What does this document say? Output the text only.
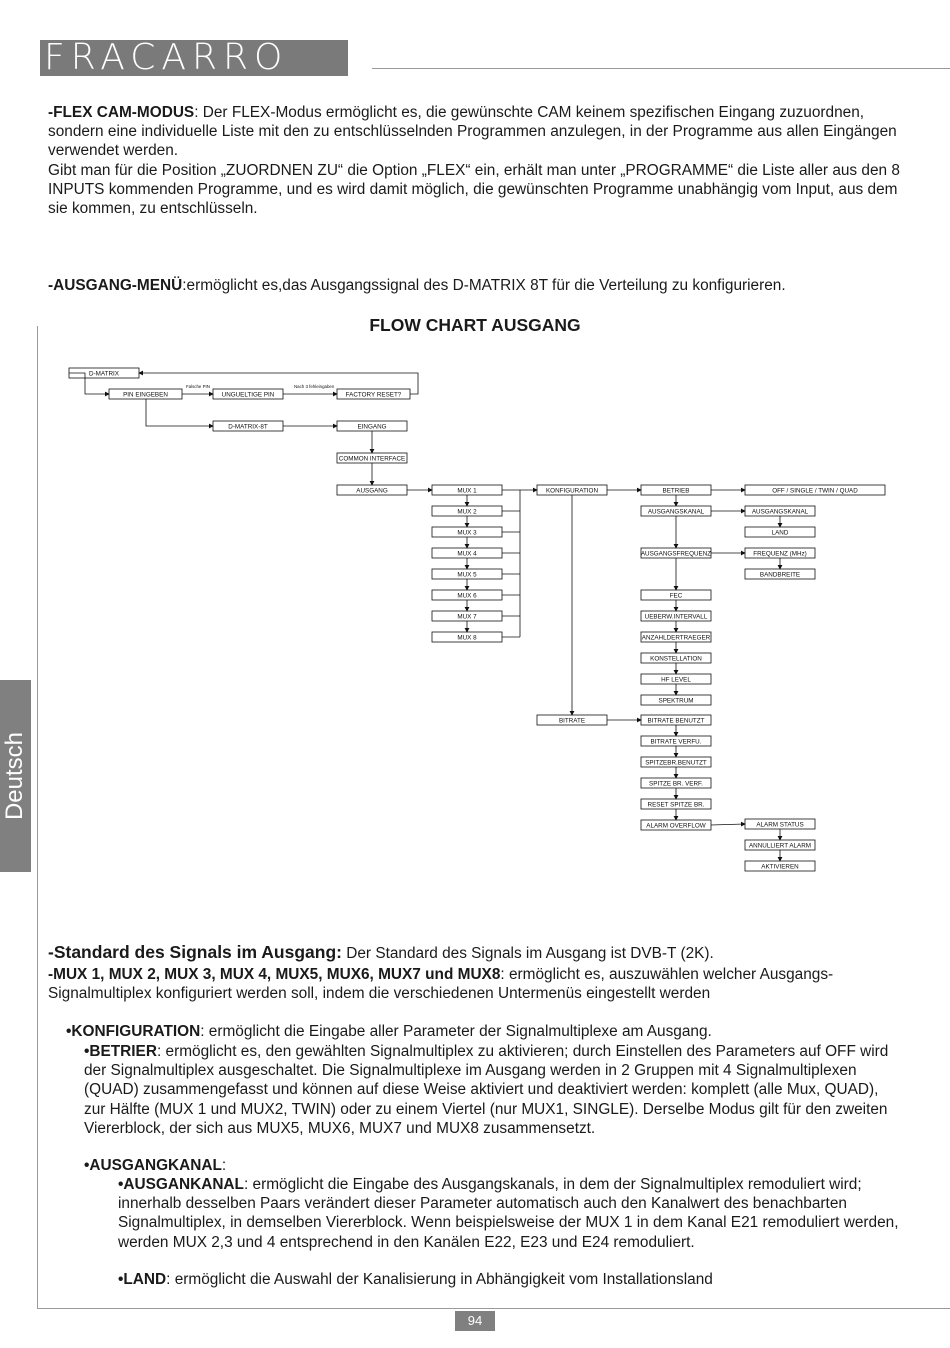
FRACARRO
Deutsch
-FLEX CAM-MODUS: Der FLEX-Modus ermöglicht es, die gewünschte CAM keinem spezifischen Eingang zuzuordnen, sondern eine individuelle Liste mit den zu entschlüsselnden Programmen anzulegen, in der Programme aus allen Eingängen verwendet werden.
Gibt man für die Position „ZUORDNEN ZU“ die Option „FLEX“ ein, erhält man unter „PROGRAMME“ die Liste aller aus den 8 INPUTS kommenden Programme, und es wird damit möglich, die gewünschten Programme unabhängig vom Input, aus dem sie kommen, zu entschlüsseln.
-AUSGANG-MENÜ:ermöglicht es,das Ausgangssignal des D-MATRIX 8T für die Verteilung zu konfigurieren.
FLOW CHART AUSGANG
D-MATRIX
PIN EINGEBEN	UNGUELTIGE PIN	FACTORY RESET?
D-MATRIX-8T	EINGANG
COMMON INTERFACE
AUSGANG	MUX 1
MUX 2
MUX 3
MUX 4
MUX 5
MUX 6
MUX 7
MUX 8
KONFIGURATION
BITRATE
BETRIEB	OFF / SINGLE / TWIN / QUAD
AUSGANGSKANAL	AUSGANGSKANAL
LAND
AUSGANGSFREQUENZ	FREQUENZ (MHz)
BANDBREITE
FEC
UEBERW.INTERVALL
ANZAHLDERTRAEGER
KONSTELLATION
HF LEVEL
SPEKTRUM
BITRATE BENUTZT
BITRATE VERFU.
SPITZEBR.BENUTZT
SPITZE BR. VERF.
RESET SPITZE BR.
ALARM OVERFLOW	ALARM STATUS
ANNULLIERT ALARM
AKTIVIEREN
Falsche PIN	Nach 3 fehleingaben
-Standard des Signals im Ausgang: Der Standard des Signals im Ausgang ist DVB-T (2K).
-MUX 1, MUX 2, MUX 3, MUX 4, MUX5, MUX6, MUX7 und MUX8: ermöglicht es, auszuwählen welcher Ausgangs-Signalmultiplex konfiguriert werden soll, indem die verschiedenen Untermenüs eingestellt werden
•KONFIGURATION: ermöglicht die Eingabe aller Parameter der Signalmultiplexe am Ausgang.
•BETRIER: ermöglicht es, den gewählten Signalmultiplex zu aktivieren; durch Einstellen des Parameters auf OFF wird der Signalmultiplex ausgeschaltet. Die Signalmultiplexe im Ausgang werden in 2 Gruppen mit 4 Signalmultiplexen (QUAD) zusammengefasst und können auf diese Weise aktiviert und deaktiviert werden: komplett (alle Mux, QUAD), zur Hälfte (MUX 1 und MUX2, TWIN) oder zu einem Viertel (nur MUX1, SINGLE). Derselbe Modus gilt für den zweiten Viererblock, der sich aus MUX5, MUX6, MUX7 und MUX8 zusammensetzt.
•AUSGANGKANAL:
•AUSGANKANAL: ermöglicht die Eingabe des Ausgangskanals, in dem der Signalmultiplex remoduliert wird; innerhalb desselben Paars verändert dieser Parameter automatisch auch den Kanalwert des benachbarten Signalmultiplex, in demselben Viererblock. Wenn beispielsweise der MUX 1 in dem Kanal E21 remoduliert werden, werden MUX 2,3 und 4 entsprechend in den Kanälen E22, E23 und E24 remoduliert.
•LAND: ermöglicht die Auswahl der Kanalisierung in Abhängigkeit vom Installationsland
94
